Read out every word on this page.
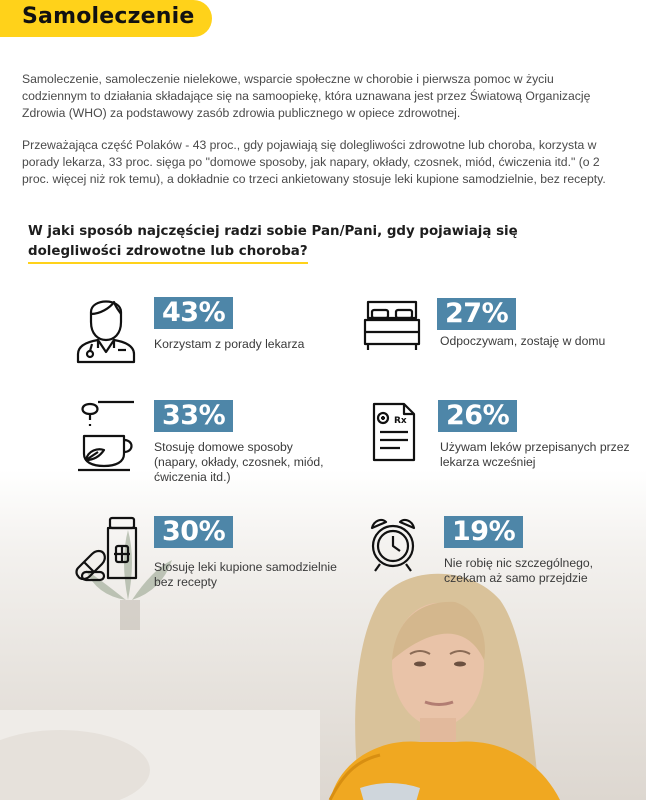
Samoleczenie

Samoleczenie, samoleczenie nielekowe, wsparcie społeczne w chorobie i pierwsza pomoc w życiu codziennym to działania składające się na samoopiekę, która uznawana jest przez Światową Organizację Zdrowia (WHO) za podstawowy zasób zdrowia publicznego w opiece zdrowotnej.

Przeważająca część Polaków - 43 proc., gdy pojawiają się dolegliwości zdrowotne lub choroba, korzysta w porady lekarza, 33 proc. sięga po "domowe sposoby, jak napary, okłady, czosnek, miód, ćwiczenia itd." (o 2 proc. więcej niż rok temu), a dokładnie co trzeci ankietowany stosuje leki kupione samodzielnie, bez recepty.

W jaki sposób najczęściej radzi sobie Pan/Pani, gdy pojawiają się
dolegliwości zdrowotne lub choroba?
43%
Korzystam z porady lekarza
27%
Odpoczywam, zostaję w domu
33%
Stosuję domowe sposoby (napary, okłady, czosnek, miód, ćwiczenia itd.)
Rx 26%
Używam leków przepisanych przez lekarza wcześniej
30%
Stosuję leki kupione samodzielnie bez recepty
19%
Nie robię nic szczególnego, czekam aż samo przejdzie
